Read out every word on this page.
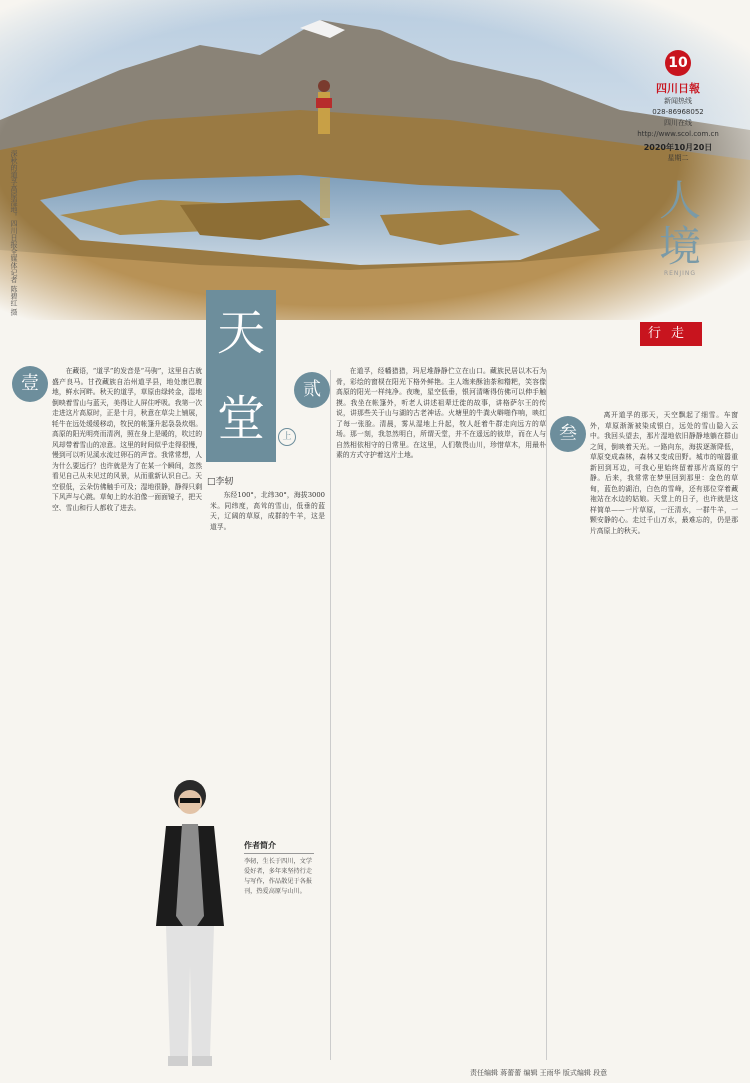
深秋的道孚高原湿地。四川日报全媒体记者 陈碧红 摄
10
四川日報
新闻热线
028-86968052
四川在线
http://www.scol.com.cn
2020年10月20日
星期二
人境
RENJING
行走
天
堂	上
□李轫
壹

在藏语，“道孚”的发音是“马驹”，这里自古就盛产良马。甘孜藏族自治州道孚县，地处康巴腹地，鲜水河畔。秋天的道孚，草原由绿转金，湿地倒映着雪山与蓝天，美得让人屏住呼吸。我第一次走进这片高原时，正是十月，秋意在草尖上铺展，牦牛在远处缓缓移动，牧民的帐篷升起袅袅炊烟。高原的阳光明亮而清冽，照在身上是暖的，吹过的风却带着雪山的凉意。这里的时间似乎走得很慢，慢到可以听见溪水流过卵石的声音。我常常想，人为什么要远行？也许就是为了在某一个瞬间，忽然看见自己从未见过的风景，从而重新认识自己。天空很低，云朵仿佛触手可及；湿地很静，静得只剩下风声与心跳。草甸上的水泊像一面面镜子，把天空、雪山和行人都收了进去。

东经100°，北纬30°，海拔3000米。同纬度，高耸的雪山，低垂的蓝天，辽阔的草原，成群的牛羊，这是道孚。

贰

在道孚，经幡猎猎，玛尼堆静静伫立在山口。藏族民居以木石为骨，彩绘的窗棂在阳光下格外鲜艳。主人端来酥油茶和糌粑，笑容像高原的阳光一样纯净。夜晚，星空低垂，银河清晰得仿佛可以伸手触摸。我坐在帐篷外，听老人讲述祖辈迁徙的故事，讲格萨尔王的传说，讲那些关于山与湖的古老神话。火塘里的牛粪火噼啪作响，映红了每一张脸。清晨，雾从湿地上升起，牧人赶着牛群走向远方的草场。那一刻，我忽然明白，所谓天堂，并不在遥远的彼岸，而在人与自然相依相守的日常里。在这里，人们敬畏山川，珍惜草木，用最朴素的方式守护着这片土地。

叁

离开道孚的那天，天空飘起了细雪。车窗外，草原渐渐被染成银白，远处的雪山隐入云中。我回头望去，那片湿地依旧静静地躺在群山之间，倒映着天光。一路向东，海拔逐渐降低，草原变成森林，森林又变成田野。城市的喧嚣重新回到耳边，可我心里始终留着那片高原的宁静。后来，我常常在梦里回到那里：金色的草甸，蓝色的湖泊，白色的雪峰，还有那位穿着藏袍站在水边的姑娘。天堂上的日子，也许就是这样简单——一片草原，一汪清水，一群牛羊，一颗安静的心。走过千山万水，最难忘的，仍是那片高原上的秋天。

作者简介
李轫，生长于四川，文学爱好者，多年来坚持行走与写作，作品散见于各报刊，热爱高原与山川。
责任编辑 蒋蕾蕾 编辑 王雨华 版式编辑 段意
